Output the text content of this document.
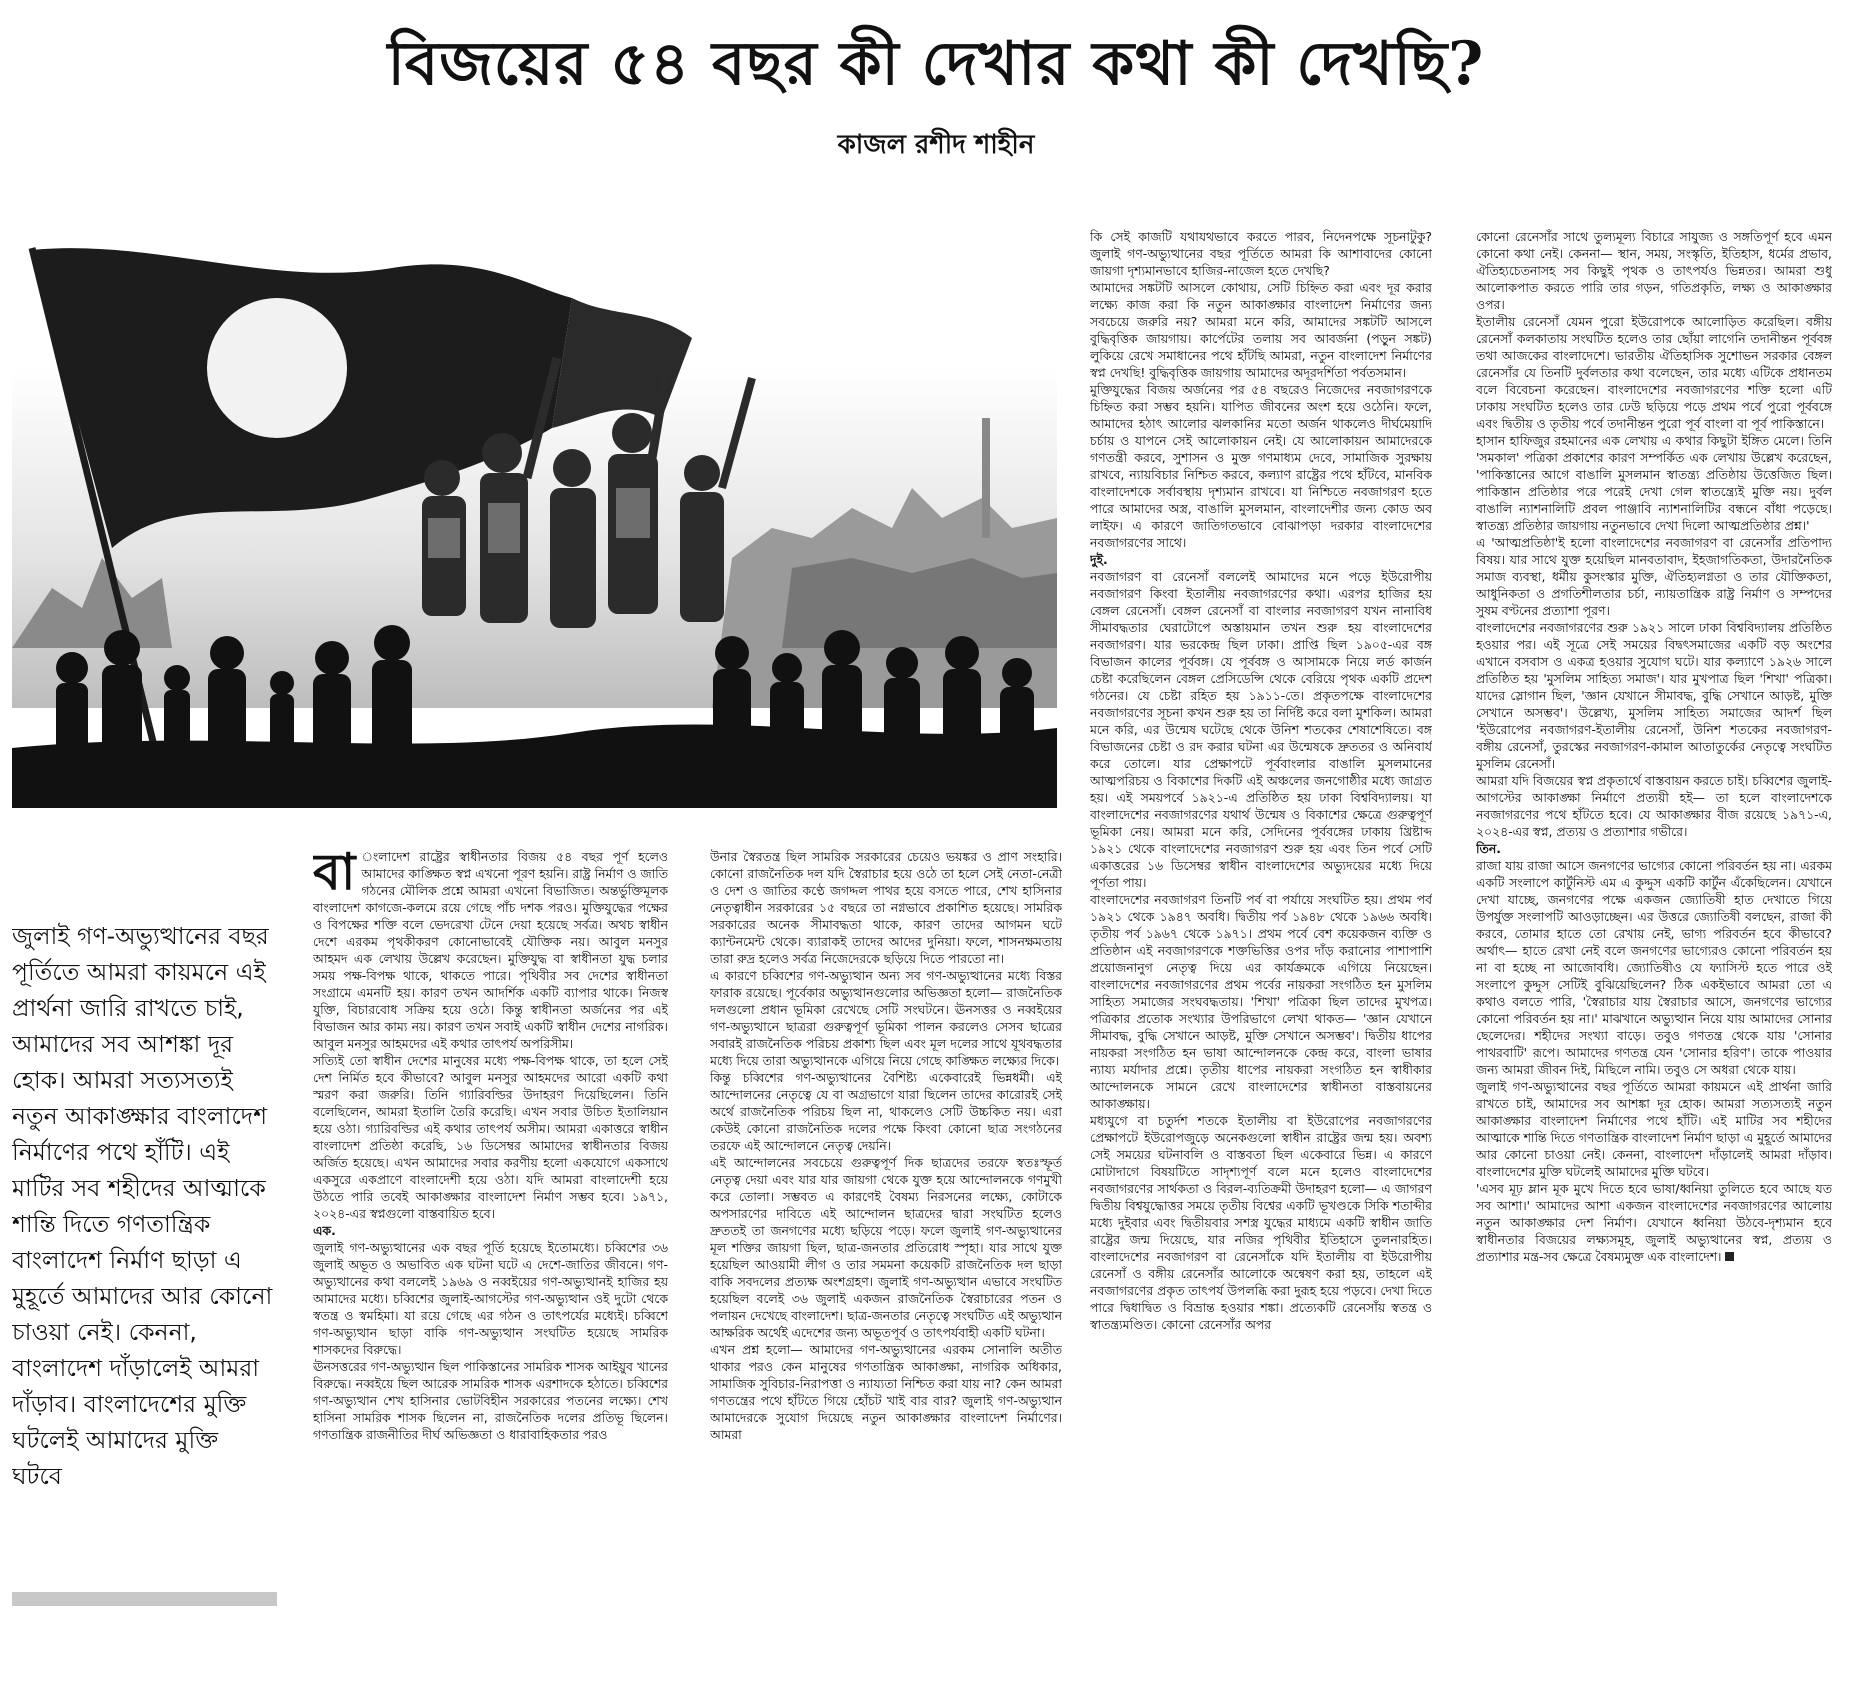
বিজয়ের ৫৪ বছর কী দেখার কথা কী দেখছি?
কাজল রশীদ শাহীন
জুলাই গণ-অভ্যুত্থানের বছর পূর্তিতে আমরা কায়মনে এই প্রার্থনা জারি রাখতে চাই, আমাদের সব আশঙ্কা দূর হোক। আমরা সত্যসত্যই নতুন আকাঙ্ক্ষার বাংলাদেশ নির্মাণের পথে হাঁটি। এই মাটির সব শহীদের আত্মাকে শান্তি দিতে গণতান্ত্রিক বাংলাদেশ নির্মাণ ছাড়া এ মুহূর্তে আমাদের আর কোনো চাওয়া নেই। কেননা, বাংলাদেশ দাঁড়ালেই আমরা দাঁড়াব। বাংলাদেশের মুক্তি ঘটলেই আমাদের মুক্তি ঘটবে

বা ংলাদেশ রাষ্ট্রের স্বাধীনতার বিজয় ৫৪ বছর পূর্ণ হলেও আমাদের কাঙ্ক্ষিত স্বপ্ন এখনো পূরণ হয়নি। রাষ্ট্র নির্মাণ ও জাতি গঠনের মৌলিক প্রশ্নে আমরা এখনো বিভাজিত। অন্তর্ভুক্তিমূলক বাংলাদেশ কাগজে-কলমে রয়ে গেছে পাঁচ দশক পরও। মুক্তিযুদ্ধের পক্ষের ও বিপক্ষের শক্তি বলে ভেদরেখা টেনে দেয়া হয়েছে সর্বত্র। অথচ স্বাধীন দেশে এরকম পৃথকীকরণ কোনোভাবেই যৌক্তিক নয়। আবুল মনসুর আহমদ এক লেখায় উল্লেখ করেছেন। মুক্তিযুদ্ধ বা স্বাধীনতা যুদ্ধ চলার সময় পক্ষ-বিপক্ষ থাকে, থাকতে পারে। পৃথিবীর সব দেশের স্বাধীনতা সংগ্রামে এমনটি হয়। কারণ তখন আদর্শিক একটি ব্যাপার থাকে। নিজস্ব যুক্তি, বিচারবোধ সক্রিয় হয়ে ওঠে। কিন্তু স্বাধীনতা অর্জনের পর এই বিভাজন আর কাম্য নয়। কারণ তখন সবাই একটি স্বাধীন দেশের নাগরিক। আবুল মনসুর আহমদের এই কথার তাৎপর্য অপরিসীম।

সত্যিই তো স্বাধীন দেশের মানুষের মধ্যে পক্ষ-বিপক্ষ থাকে, তা হলে সেই দেশ নির্মিত হবে কীভাবে? আবুল মনসুর আহমদের আরো একটি কথা স্মরণ করা জরুরি। তিনি গ্যারিবল্ডির উদাহরণ দিয়েছিলেন। তিনি বলেছিলেন, আমরা ইতালি তৈরি করেছি। এখন সবার উচিত ইতালিয়ান হয়ে ওঠা। গ্যারিবল্ডির এই কথার তাৎপর্য অসীম। আমরা একাত্তরে স্বাধীন বাংলাদেশ প্রতিষ্ঠা করেছি, ১৬ ডিসেম্বর আমাদের স্বাধীনতার বিজয় অর্জিত হয়েছে। এখন আমাদের সবার করণীয় হলো একযোগে একসাথে একসুরে একপ্রাণে বাংলাদেশী হয়ে ওঠা। যদি আমরা বাংলাদেশী হয়ে উঠতে পারি তবেই আকাঙ্ক্ষার বাংলাদেশ নির্মাণ সম্ভব হবে। ১৯৭১, ২০২৪-এর স্বপ্নগুলো বাস্তবায়িত হবে।

এক.

জুলাই গণ-অভ্যুত্থানের এক বছর পূর্তি হয়েছে ইতোমধ্যে। চব্বিশের ৩৬ জুলাই অভূত ও অভাবিত এক ঘটনা ঘটে এ দেশে-জাতির জীবনে। গণ-অভ্যুত্থানের কথা বললেই ১৯৬৯ ও নব্বইয়ের গণ-অভ্যুত্থানই হাজির হয় আমাদের মধ্যে। চব্বিশের জুলাই-আগস্টের গণ-অভ্যুত্থান ওই দুটো থেকে স্বতন্ত্র ও স্বমহিমা। যা রয়ে গেছে এর গঠন ও তাৎপর্যের মধ্যেই। চব্বিশে গণ-অভ্যুত্থান ছাড়া বাকি গণ-অভ্যুত্থান সংঘটিত হয়েছে সামরিক শাসকদের বিরুদ্ধে।

ঊনসত্তরের গণ-অভ্যুত্থান ছিল পাকিস্তানের সামরিক শাসক আইয়ুব খানের বিরুদ্ধে। নব্বইয়ে ছিল আরেক সামরিক শাসক এরশাদকে হঠাতে। চব্বিশের গণ-অভ্যুত্থান শেখ হাসিনার ভোটবিহীন সরকারের পতনের লক্ষ্যে। শেখ হাসিনা সামরিক শাসক ছিলেন না, রাজনৈতিক দলের প্রতিভূ ছিলেন। গণতান্ত্রিক রাজনীতির দীর্ঘ অভিজ্ঞতা ও ধারাবাহিকতার পরও

উনার স্বৈরতন্ত্র ছিল সামরিক সরকারের চেয়েও ভয়ঙ্কর ও প্রাণ সংহারি। কোনো রাজনৈতিক দল যদি স্বৈরাচার হয়ে ওঠে তা হলে সেই নেতা-নেত্রী ও দেশ ও জাতির কণ্ঠে জগদ্দল পাথর হয়ে বসতে পারে, শেখ হাসিনার নেতৃত্বাধীন সরকারের ১৫ বছরে তা নগ্নভাবে প্রকাশিত হয়েছে। সামরিক সরকারের অনেক সীমাবদ্ধতা থাকে, কারণ তাদের আগমন ঘটে ক্যান্টনমেন্ট থেকে। ব্যারাকই তাদের আদের দুনিয়া। ফলে, শাসনক্ষমতায় তারা রুদ্র হলেও সর্বত্র নিজেদেরকে ছড়িয়ে দিতে পারতো না।

এ কারণে চব্বিশের গণ-অভ্যুত্থান অন্য সব গণ-অভ্যুত্থানের মধ্যে বিস্তর ফারাক রয়েছে। পূর্বেকার অভ্যুত্থানগুলোর অভিজ্ঞতা হলো— রাজনৈতিক দলগুলো প্রধান ভূমিকা রেখেছে সেটি সংঘটনে। ঊনসত্তর ও নব্বইয়ের গণ-অভ্যুত্থানে ছাত্ররা গুরুত্বপূর্ণ ভূমিকা পালন করলেও সেসব ছাত্রের সবারই রাজনৈতিক পরিচয় প্রকাশ্য ছিল এবং মূল দলের সাথে যূথবদ্ধতার মধ্যে দিয়ে তারা অভ্যুত্থানকে এগিয়ে নিয়ে গেছে কাঙ্ক্ষিত লক্ষ্যের দিকে।

কিন্তু চব্বিশের গণ-অভ্যুত্থানের বৈশিষ্ট্য একেবারেই ভিন্নধর্মী। এই আন্দোলনের নেতৃত্বে যে বা অগ্রভাগে যারা ছিলেন তাদের কারোরই সেই অর্থে রাজনৈতিক পরিচয় ছিল না, থাকলেও সেটি উচ্চকিত নয়। এরা কেউই কোনো রাজনৈতিক দলের পক্ষে কিংবা কোনো ছাত্র সংগঠনের তরফে এই আন্দোলনে নেতৃত্ব দেয়নি।

এই আন্দোলনের সবচেয়ে গুরুত্বপূর্ণ দিক ছাত্রদের তরফে স্বতঃস্ফূর্ত নেতৃত্ব দেয়া এবং যার যার জায়গা থেকে যুক্ত হয়ে আন্দোলনকে গণমুখী করে তোলা। সম্ভবত এ কারণেই বৈষম্য নিরসনের লক্ষ্যে, কোটাকে অপসারণের দাবিতে এই আন্দোলন ছাত্রদের দ্বারা সংঘটিত হলেও দ্রুততই তা জনগণের মধ্যে ছড়িয়ে পড়ে। ফলে জুলাই গণ-অভ্যুত্থানের মূল শক্তির জায়গা ছিল, ছাত্র-জনতার প্রতিরোধ স্পৃহা। যার সাথে যুক্ত হয়েছিল আওয়ামী লীগ ও তার সমমনা কয়েকটি রাজনৈতিক দল ছাড়া বাকি সবদলের প্রত্যক্ষ অংশগ্রহণ। জুলাই গণ-অভ্যুত্থান এভাবে সংঘটিত হয়েছিল বলেই ৩৬ জুলাই একজন রাজনৈতিক স্বৈরাচারের পতন ও পলায়ন দেখেছে বাংলাদেশ। ছাত্র-জনতার নেতৃত্বে সংঘটিত এই অভ্যুত্থান আক্ষরিক অর্থেই এদেশের জন্য অভূতপূর্ব ও তাৎপর্যবাহী একটি ঘটনা।

এখন প্রশ্ন হলো— আমাদের গণ-অভ্যুত্থানের এরকম সোনালি অতীত থাকার পরও কেন মানুষের গণতান্ত্রিক আকাঙ্ক্ষা, নাগরিক অধিকার, সামাজিক সুবিচার-নিরাপত্তা ও ন্যায্যতা নিশ্চিত করা যায় না? কেন আমরা গণতন্ত্রের পথে হাঁটতে গিয়ে হোঁচট খাই বার বার? জুলাই গণ-অভ্যুত্থান আমাদেরকে সুযোগ দিয়েছে নতুন আকাঙ্ক্ষার বাংলাদেশ নির্মাণের। আমরা

কি সেই কাজটি যথাযথভাবে করতে পারব, নিদেনপক্ষে সূচনাটুকু? জুলাই গণ-অভ্যুত্থানের বছর পূর্তিতে আমরা কি আশাবাদের কোনো জায়গা দৃশ্যমানভাবে হাজির-নাজেল হতে দেখছি?

আমাদের সঙ্কটটি আসলে কোথায়, সেটি চিহ্নিত করা এবং দূর করার লক্ষ্যে কাজ করা কি নতুন আকাঙ্ক্ষার বাংলাদেশ নির্মাণের জন্য সবচেয়ে জরুরি নয়? আমরা মনে করি, আমাদের সঙ্কটটি আসলে বুদ্ধিবৃত্তিক জায়গায়। কার্পেটের তলায় সব আবর্জনা (পড়ুন সঙ্কট) লুকিয়ে রেখে সমাধানের পথে হাঁটছি আমরা, নতুন বাংলাদেশ নির্মাণের স্বপ্ন দেখছি! বুদ্ধিবৃত্তিক জায়গায় আমাদের অদূরদর্শিতা পর্বতসমান।

মুক্তিযুদ্ধের বিজয় অর্জনের পর ৫৪ বছরেও নিজেদের নবজাগরণকে চিহ্নিত করা সম্ভব হয়নি। যাপিত জীবনের অংশ হয়ে ওঠেনি। ফলে, আমাদের হঠাৎ আলোর ঝলকানির মতো অর্জন থাকলেও দীর্ঘমেয়াদি চর্চায় ও যাপনে সেই আলোকায়ন নেই। যে আলোকায়ন আমাদেরকে গণতন্ত্রী করবে, সুশাসন ও মুক্ত গণমাধ্যম দেবে, সামাজিক সুরক্ষায় রাখবে, ন্যায়বিচার নিশ্চিত করবে, কল্যাণ রাষ্ট্রের পথে হাঁটবে, মানবিক বাংলাদেশকে সর্বাবস্থায় দৃশ্যমান রাখবে। যা নিশ্চিতে নবজাগরণ হতে পারে আমাদের অস্ত্র, বাঙালি মুসলমান, বাংলাদেশীর জন্য কোড অব লাইফ। এ কারণে জাতিগতভাবে বোঝাপড়া দরকার বাংলাদেশের নবজাগরণের সাথে।

দুই.

নবজাগরণ বা রেনেসাঁ বললেই আমাদের মনে পড়ে ইউরোপীয় নবজাগরণ কিংবা ইতালীয় নবজাগরণের কথা। এরপর হাজির হয় বেঙ্গল রেনেসাঁ। বেঙ্গল রেনেসাঁ বা বাংলার নবজাগরণ যখন নানাবিধ সীমাবদ্ধতার ঘেরাটোপে অস্তায়মান তখন শুরু হয় বাংলাদেশের নবজাগরণ। যার ভরকেন্দ্র ছিল ঢাকা। প্রাপ্তি ছিল ১৯০৫-এর বঙ্গ বিভাজন কালের পূর্ববঙ্গ। যে পূর্ববঙ্গ ও আসামকে নিয়ে লর্ড কার্জন চেষ্টা করেছিলেন বেঙ্গল প্রেসিডেন্সি থেকে বেরিয়ে পৃথক একটি প্রদেশ গঠনের। যে চেষ্টা রহিত হয় ১৯১১-তে। প্রকৃতপক্ষে বাংলাদেশের নবজাগরণের সূচনা কখন শুরু হয় তা নির্দিষ্ট করে বলা মুশকিল। আমরা মনে করি, এর উন্মেষ ঘটেছে থেকে উনিশ শতকের শেষাশেষিতে। বঙ্গ বিভাজনের চেষ্টা ও রদ করার ঘটনা এর উন্মেষকে দ্রুততর ও অনিবার্য করে তোলে। যার প্রেক্ষাপটে পূর্ববাংলার বাঙালি মুসলমানের আত্মপরিচয় ও বিকাশের দিকটি এই অঞ্চলের জনগোষ্ঠীর মধ্যে জাগ্রত হয়। এই সময়পর্বে ১৯২১-এ প্রতিষ্ঠিত হয় ঢাকা বিশ্ববিদ্যালয়। যা বাংলাদেশের নবজাগরণের যথার্থ উন্মেষ ও বিকাশের ক্ষেত্রে গুরুত্বপূর্ণ ভূমিকা নেয়। আমরা মনে করি, সেদিনের পূর্ববঙ্গের ঢাকায় খ্রিষ্টাব্দ ১৯২১ থেকে বাংলাদেশের নবজাগরণ শুরু হয় এবং তিন পর্বে সেটি একাত্তরের ১৬ ডিসেম্বর স্বাধীন বাংলাদেশের অভ্যুদয়ের মধ্যে দিয়ে পূর্ণতা পায়।

বাংলাদেশের নবজাগরণ তিনটি পর্ব বা পর্যায়ে সংঘটিত হয়। প্রথম পর্ব ১৯২১ থেকে ১৯৪৭ অবধি। দ্বিতীয় পর্ব ১৯৪৮ থেকে ১৯৬৬ অবধি। তৃতীয় পর্ব ১৯৬৭ থেকে ১৯৭১। প্রথম পর্বে বেশ কয়েকজন ব্যক্তি ও প্রতিষ্ঠান এই নবজাগরণকে শক্তভিত্তির ওপর দাঁড় করানোর পাশাপাশি প্রয়োজনানুগ নেতৃত্ব দিয়ে এর কার্যক্রমকে এগিয়ে নিয়েছেন। বাংলাদেশের নবজাগরণের প্রথম পর্বের নায়করা সংগঠিত হন মুসলিম সাহিত্য সমাজের সংঘবদ্ধতায়। 'শিখা' পত্রিকা ছিল তাদের মুখপত্র। পত্রিকার প্রতোক সংখ্যার উপরিভাগে লেখা থাকত— 'জ্ঞান যেখানে সীমাবদ্ধ, বুদ্ধি সেখানে আড়ষ্ট, মুক্তি সেখানে অসম্ভব'। দ্বিতীয় ধাপের নায়করা সংগঠিত হন ভাষা আন্দোলনকে কেন্দ্র করে, বাংলা ভাষার ন্যায্য মর্যাদার প্রশ্নে। তৃতীয় ধাপের নায়করা সংগঠিত হন স্বাধীকার আন্দোলনকে সামনে রেখে বাংলাদেশের স্বাধীনতা বাস্তবায়নের আকাঙ্ক্ষায়।

মধ্যযুগে বা চতুর্দশ শতকে ইতালীয় বা ইউরোপের নবজাগরণের প্রেক্ষাপটে ইউরোপজুড়ে অনেকগুলো স্বাধীন রাষ্ট্রের জন্ম হয়। অবশ্য সেই সময়ের ঘটনাবলি ও বাস্তবতা ছিল একেবারে ভিন্ন। এ কারণে মোটাদাগে বিষয়টিতে সাদৃশ্যপূর্ণ বলে মনে হলেও বাংলাদেশের নবজাগরণের সার্থকতা ও বিরল-ব্যতিক্রমী উদাহরণ হলো— এ জাগরণ দ্বিতীয় বিশ্বযুদ্ধোত্তর সময়ে তৃতীয় বিশ্বের একটি ভূখণ্ডকে সিকি শতাব্দীর মধ্যে দুইবার এবং দ্বিতীয়বার সশস্ত্র যুদ্ধের মাধ্যমে একটি স্বাধীন জাতি রাষ্ট্রের জন্ম দিয়েছে, যার নজির পৃথিবীর ইতিহাসে তুলনারহিত। বাংলাদেশের নবজাগরণ বা রেনেসাঁকে যদি ইতালীয় বা ইউরোপীয় রেনেসাঁ ও বঙ্গীয় রেনেসাঁর আলোকে অন্বেষণ করা হয়, তাহলে এই নবজাগরণের প্রকৃত তাৎপর্য উপলব্ধি করা দুরূহ হয়ে পড়বে। দেখা দিতে পারে দ্বিধাদ্বিত ও বিভ্রান্ত হওয়ার শঙ্কা। প্রত্যেকটি রেনেসাঁয় স্বতন্ত্র ও স্বাতন্ত্র্যমণ্ডিত। কোনো রেনেসাঁর অপর

কোনো রেনেসাঁর সাথে তুল্যমূল্য বিচারে সাযুজ্য ও সঙ্গতিপূর্ণ হবে এমন কোনো কথা নেই। কেননা— স্থান, সময়, সংস্কৃতি, ইতিহাস, ধর্মের প্রভাব, ঐতিহ্যচেতনাসহ সব কিছুই পৃথক ও তাৎপর্যও ভিন্নতর। আমরা শুধু আলোকপাত করতে পারি তার গড়ন, গতিপ্রকৃতি, লক্ষ্য ও আকাঙ্ক্ষার ওপর।

ইতালীয় রেনেসাঁ যেমন পুরো ইউরোপকে আলোড়িত করেছিল। বঙ্গীয় রেনেসাঁ কলকাতায় সংঘটিত হলেও তার ছোঁয়া লাগেনি তদানীন্তন পূর্ববঙ্গ তথা আজকের বাংলাদেশে। ভারতীয় ঐতিহাসিক সুশোভন সরকার বেঙ্গল রেনেসাঁর যে তিনটি দুর্বলতার কথা বলেছেন, তার মধ্যে এটিকে প্রধানতম বলে বিবেচনা করেছেন। বাংলাদেশের নবজাগরণের শক্তি হলো এটি ঢাকায় সংঘটিত হলেও তার ঢেউ ছড়িয়ে পড়ে প্রথম পর্বে পুরো পূর্ববঙ্গে এবং দ্বিতীয় ও তৃতীয় পর্বে তদানীন্তন পুরো পূর্ব বাংলা বা পূর্ব পাকিস্তানে।

হাসান হাফিজুর রহমানের এক লেখায় এ কথার কিছুটা ইঙ্গিত মেলে। তিনি 'সমকাল' পত্রিকা প্রকাশের কারণ সম্পর্কিত এক লেখায় উল্লেখ করেছেন, 'পাকিস্তানের আগে বাঙালি মুসলমান স্বাতন্ত্র্য প্রতিষ্ঠায় উত্তেজিত ছিল। পাকিস্তান প্রতিষ্ঠার পরে পরেই দেখা গেল স্বাতন্ত্র্যেই মুক্তি নয়। দুর্বল বাঙালি ন্যাশনালিটি প্রবল পাঞ্জাবি ন্যাশনালিটির বন্ধনে বাঁধা পড়েছে। স্বাতন্ত্র্য প্রতিষ্ঠার জায়গায় নতুনভাবে দেখা দিলো আত্মপ্রতিষ্ঠার প্রশ্ন।'

এ 'আত্মপ্রতিষ্ঠা'ই হলো বাংলাদেশের নবজাগরণ বা রেনেসাঁর প্রতিপাদ্য বিষয়। যার সাথে যুক্ত হয়েছিল মানবতাবাদ, ইহজাগতিকতা, উদারনৈতিক সমাজ ব্যবস্থা, ধর্মীয় কুসংস্কার মুক্তি, ঐতিহ্যলগ্নতা ও তার যৌক্তিকতা, আধুনিকতা ও প্রগতিশীলতার চর্চা, ন্যায়তান্ত্রিক রাষ্ট্র নির্মাণ ও সম্পদের সুষম বণ্টনের প্রত্যাশা পূরণ।

বাংলাদেশের নবজাগরণের শুরু ১৯২১ সালে ঢাকা বিশ্ববিদ্যালয় প্রতিষ্ঠিত হওয়ার পর। এই সূত্রে সেই সময়ের বিদ্বৎসমাজের একটি বড় অংশের এখানে বসবাস ও একত্র হওয়ার সুযোগ ঘটে। যার কল্যাণে ১৯২৬ সালে প্রতিষ্ঠিত হয় 'মুসলিম সাহিত্য সমাজ'। যার মুখপাত্র ছিল 'শিখা' পত্রিকা। যাদের স্লোগান ছিল, 'জ্ঞান যেখানে সীমাবদ্ধ, বুদ্ধি সেখানে আড়ষ্ট, মুক্তি সেখানে অসম্ভব'। উল্লেখ্য, মুসলিম সাহিত্য সমাজের আদর্শ ছিল 'ইউরোপের নবজাগরণ-ইতালীয় রেনেসাঁ, উনিশ শতকের নবজাগরণ-বঙ্গীয় রেনেসাঁ, তুরস্কের নবজাগরণ-কামাল আতাতুর্কের নেতৃত্বে সংঘটিত মুসলিম রেনেসাঁ।

আমরা যদি বিজয়ের স্বপ্ন প্রকৃতার্থে বাস্তবায়ন করতে চাই। চব্বিশের জুলাই-আগস্টের আকাঙ্ক্ষা নির্মাণে প্রত্যয়ী হই— তা হলে বাংলাদেশকে নবজাগরণের পথে হাঁটতে হবে। যে আকাঙ্ক্ষার বীজ রয়েছে ১৯৭১-এ, ২০২৪-এর স্বপ্ন, প্রত্যয় ও প্রত্যাশার গভীরে।

তিন.

রাজা যায় রাজা আসে জনগণের ভাগ্যের কোনো পরিবর্তন হয় না। এরকম একটি সংলাপে কার্টুনিস্ট এম এ কুদ্দুস একটি কার্টুন এঁকেছিলেন। যেখানে দেখা যাচ্ছে, জনগণের পক্ষে একজন জ্যোতিষী হাত দেখাতে গিয়ে উপর্যুক্ত সংলাপটি আওড়াচ্ছেন। এর উত্তরে জ্যোতিষী বলছেন, রাজা কী করবে, তোমার হাতে তো রেখায় নেই, ভাগ্য পরিবর্তন হবে কীভাবে? অর্থাৎ— হাতে রেখা নেই বলে জনগণের ভাগ্যেরও কোনো পরিবর্তন হয় না বা হচ্ছে না আজোবধি। জ্যোতিষীও যে ফ্যাসিস্ট হতে পারে ওই সংলাপে কুদ্দুস সেটিই বুঝিয়েছিলেন? ঠিক একইভাবে আমরা তো এ কথাও বলতে পারি, 'স্বৈরাচার যায় স্বৈরাচার আসে, জনগণের ভাগ্যের কোনো পরিবর্তন হয় না।' মাঝখানে অভ্যুত্থান নিয়ে যায় আমাদের সোনার ছেলেদের। শহীদের সংখ্যা বাড়ে। তবুও গণতন্ত্র থেকে যায় 'সোনার পাথরবাটি' রূপে। আমাদের গণতন্ত্র যেন 'সোনার হরিণ'। তাকে পাওয়ার জন্য আমরা জীবন দিই, মিছিলে নামি। তবুও সে অধরা থেকে যায়।

জুলাই গণ-অভ্যুত্থানের বছর পূর্তিতে আমরা কায়মনে এই প্রার্থনা জারি রাখতে চাই, আমাদের সব আশঙ্কা দূর হোক। আমরা সত্যসত্যই নতুন আকাঙ্ক্ষার বাংলাদেশ নির্মাণের পথে হাঁটি। এই মাটির সব শহীদের আত্মাকে শান্তি দিতে গণতান্ত্রিক বাংলাদেশ নির্মাণ ছাড়া এ মুহূর্তে আমাদের আর কোনো চাওয়া নেই। কেননা, বাংলাদেশ দাঁড়ালেই আমরা দাঁড়াব। বাংলাদেশের মুক্তি ঘটলেই আমাদের মুক্তি ঘটবে।

'এসব মূঢ় ম্লান মূক মুখে দিতে হবে ভাষা/ধ্বনিয়া তুলিতে হবে আছে যত সব আশা।' আমাদের আশা একজন বাংলাদেশের নবজাগরণের আলোয় নতুন আকাঙ্ক্ষার দেশ নির্মাণ। যেখানে ধ্বনিয়া উঠবে-দৃশ্যমান হবে স্বাধীনতার বিজয়ের লক্ষ্যসমূহ, জুলাই অভ্যুত্থানের স্বপ্ন, প্রত্যয় ও প্রত্যাশার মন্ত্র-সব ক্ষেত্রে বৈষম্যমুক্ত এক বাংলাদেশ।
